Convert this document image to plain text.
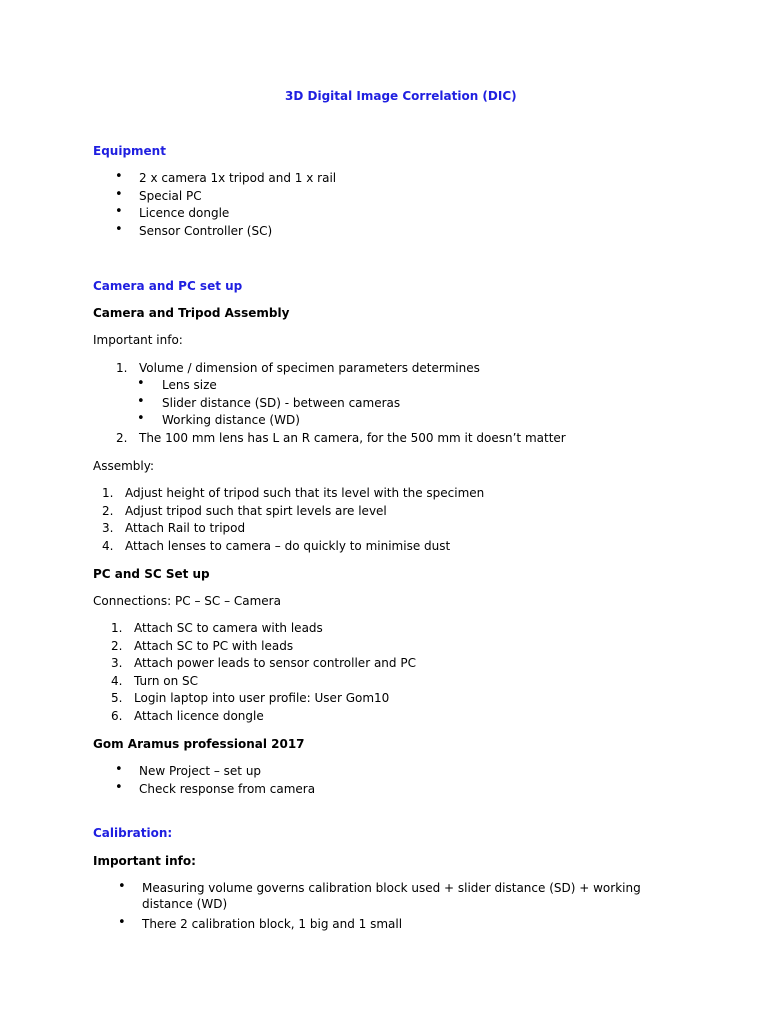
3D Digital Image Correlation (DIC)
Equipment
• 2 x camera 1x tripod and 1 x rail
• Special PC
• Licence dongle
• Sensor Controller (SC)
Camera and PC set up
Camera and Tripod Assembly
Important info:
1. Volume / dimension of specimen parameters determines
• Lens size
• Slider distance (SD) - between cameras
• Working distance (WD)
2. The 100 mm lens has L an R camera, for the 500 mm it doesn’t matter
Assembly:
1. Adjust height of tripod such that its level with the specimen
2. Adjust tripod such that spirt levels are level
3. Attach Rail to tripod
4. Attach lenses to camera – do quickly to minimise dust
PC and SC Set up
Connections: PC – SC – Camera
1. Attach SC to camera with leads
2. Attach SC to PC with leads
3. Attach power leads to sensor controller and PC
4. Turn on SC
5. Login laptop into user profile: User Gom10
6. Attach licence dongle
Gom Aramus professional 2017
• New Project – set up
• Check response from camera
Calibration:
Important info:
• Measuring volume governs calibration block used + slider distance (SD) + working distance (WD)
• There 2 calibration block, 1 big and 1 small
